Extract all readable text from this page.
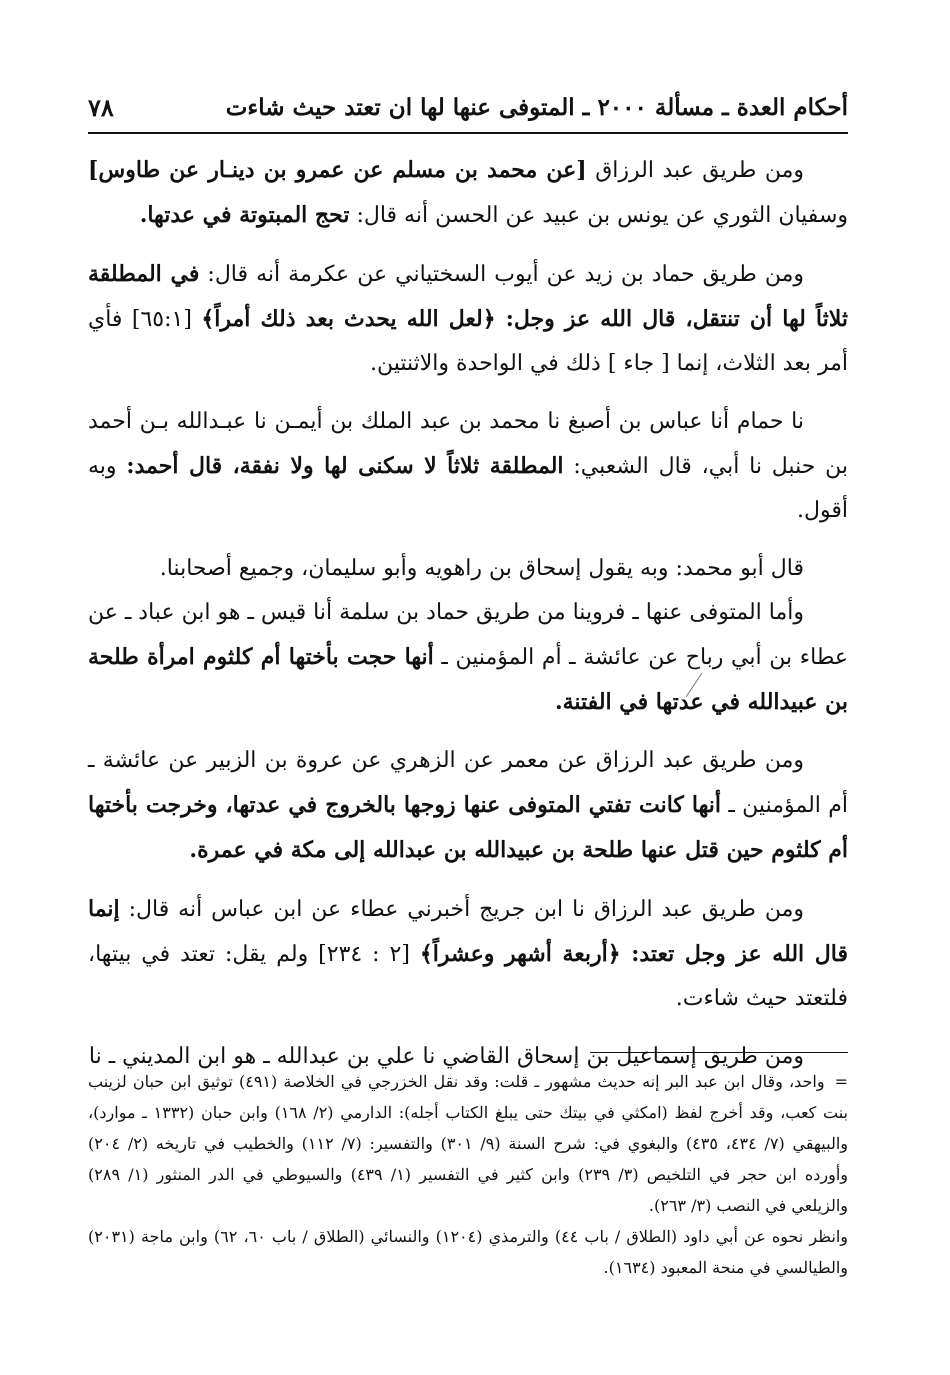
أحكام العدة ـ مسألة ٢٠٠٠ ـ المتوفى عنها لها ان تعتد حيث شاءت
٧٨

ومن طريق عبد الرزاق [عن محمد بن مسلم عن عمرو بن دينـار عن طاوس] وسفيان الثوري عن يونس بن عبيد عن الحسن أنه قال: تحج المبتوتة في عدتها.

ومن طريق حماد بن زيد عن أيوب السختياني عن عكرمة أنه قال: في المطلقة ثلاثاً لها أن تنتقل، قال الله عز وجل: ﴿لعل الله يحدث بعد ذلك أمراً﴾ [٦٥:١] فأي أمر بعد الثلاث، إنما [ جاء ] ذلك في الواحدة والاثنتين.

نا حمام أنا عباس بن أصبغ نا محمد بن عبد الملك بن أيمـن نا عبـدالله بـن أحمد بن حنبل نا أبي، قال الشعبي: المطلقة ثلاثاً لا سكنى لها ولا نفقة، قال أحمد: وبه أقول.

قال أبو محمد: وبه يقول إسحاق بن راهويه وأبو سليمان، وجميع أصحابنا.

وأما المتوفى عنها ـ فروينا من طريق حماد بن سلمة أنا قيس ـ هو ابن عباد ـ عن عطاء بن أبي رباح عن عائشة ـ أم المؤمنين ـ أنها حجت بأختها أم كلثوم امرأة طلحة بن عبيدالله في عدتها في الفتنة.

ومن طريق عبد الرزاق عن معمر عن الزهري عن عروة بن الزبير عن عائشة ـ أم المؤمنين ـ أنها كانت تفتي المتوفى عنها زوجها بالخروج في عدتها، وخرجت بأختها أم كلثوم حين قتل عنها طلحة بن عبيدالله بن عبدالله إلى مكة في عمرة.

ومن طريق عبد الرزاق نا ابن جريج أخبرني عطاء عن ابن عباس أنه قال: إنما قال الله عز وجل تعتد: ﴿أربعة أشهر وعشراً﴾ [٢ : ٢٣٤] ولم يقل: تعتد في بيتها، فلتعتد حيث شاءت.

ومن طريق إسماعيل بن إسحاق القاضي نا علي بن عبدالله ـ هو ابن المديني ـ نا

=واحد، وقال ابن عبد البر إنه حديث مشهور ـ قلت: وقد نقل الخزرجي في الخلاصة (٤٩١) توثيق ابن حبان لزينب بنت كعب، وقد أخرج لفظ (امكثي في بيتك حتى يبلغ الكتاب أجله): الدارمي (٢/ ١٦٨) وابن حبان (١٣٣٢ ـ موارد)، والبيهقي (٧/ ٤٣٤، ٤٣٥) والبغوي في: شرح السنة (٩/ ٣٠١) والتفسير: (٧/ ١١٢) والخطيب في تاريخه (٢/ ٢٠٤) وأورده ابن حجر في التلخيص (٣/ ٢٣٩) وابن كثير في التفسير (١/ ٤٣٩) والسيوطي في الدر المنثور (١/ ٢٨٩) والزيلعي في النصب (٣/ ٢٦٣).

وانظر نحوه عن أبي داود (الطلاق / باب ٤٤) والترمذي (١٢٠٤) والنسائي (الطلاق / باب ٦٠، ٦٢) وابن ماجة (٢٠٣١) والطيالسي في منحة المعبود (١٦٣٤).
